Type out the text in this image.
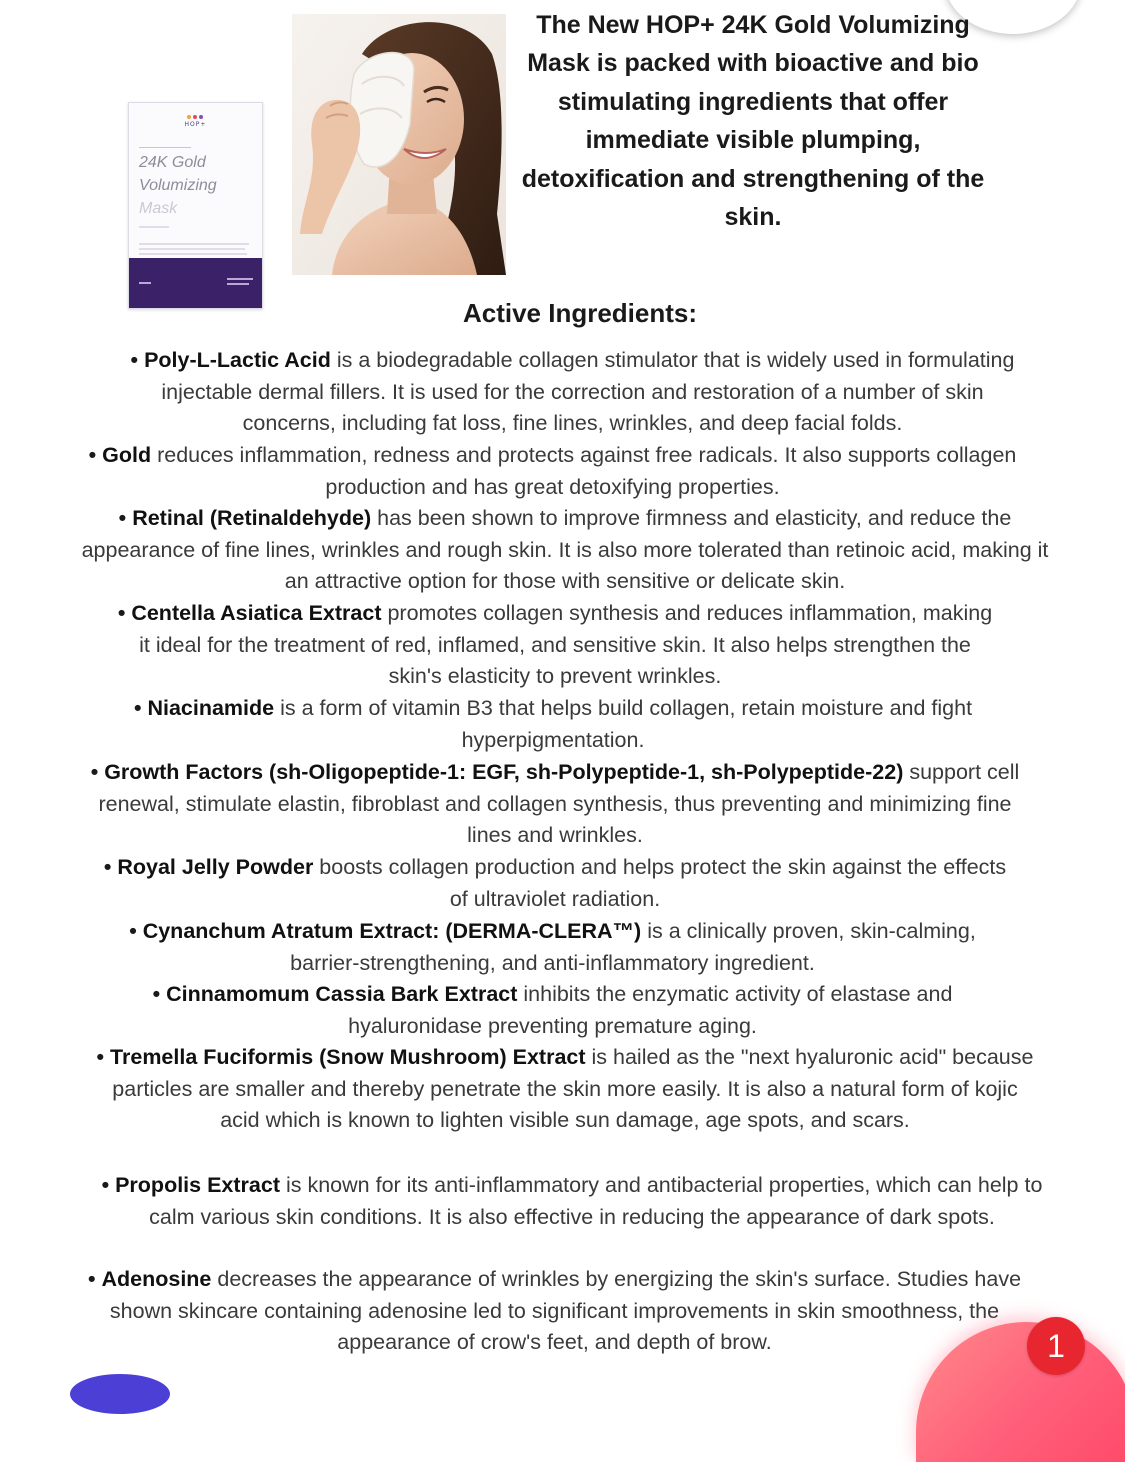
HOP+
24K Gold
Volumizing
Mask

The New HOP+ 24K Gold Volumizing Mask is packed with bioactive and bio stimulating ingredients that offer immediate visible plumping, detoxification and strengthening of the skin.

Active Ingredients:
• Poly-L-Lactic Acid is a biodegradable collagen stimulator that is widely used in formulating injectable dermal fillers. It is used for the correction and restoration of a number of skin concerns, including fat loss, fine lines, wrinkles, and deep facial folds.
• Gold reduces inflammation, redness and protects against free radicals. It also supports collagen production and has great detoxifying properties.
• Retinal (Retinaldehyde) has been shown to improve firmness and elasticity, and reduce the appearance of fine lines, wrinkles and rough skin. It is also more tolerated than retinoic acid, making it an attractive option for those with sensitive or delicate skin.
• Centella Asiatica Extract promotes collagen synthesis and reduces inflammation, making it ideal for the treatment of red, inflamed, and sensitive skin. It also helps strengthen the skin's elasticity to prevent wrinkles.
• Niacinamide is a form of vitamin B3 that helps build collagen, retain moisture and fight hyperpigmentation.
• Growth Factors (sh-Oligopeptide-1: EGF, sh-Polypeptide-1, sh-Polypeptide-22) support cell renewal, stimulate elastin, fibroblast and collagen synthesis, thus preventing and minimizing fine lines and wrinkles.
• Royal Jelly Powder boosts collagen production and helps protect the skin against the effects of ultraviolet radiation.
• Cynanchum Atratum Extract: (DERMA-CLERA™) is a clinically proven, skin-calming, barrier-strengthening, and anti-inflammatory ingredient.
• Cinnamomum Cassia Bark Extract inhibits the enzymatic activity of elastase and hyaluronidase preventing premature aging.
• Tremella Fuciformis (Snow Mushroom) Extract is hailed as the "next hyaluronic acid" because particles are smaller and thereby penetrate the skin more easily. It is also a natural form of kojic acid which is known to lighten visible sun damage, age spots, and scars.
• Propolis Extract is known for its anti-inflammatory and antibacterial properties, which can help to calm various skin conditions. It is also effective in reducing the appearance of dark spots.
• Adenosine decreases the appearance of wrinkles by energizing the skin's surface. Studies have shown skincare containing adenosine led to significant improvements in skin smoothness, the appearance of crow's feet, and depth of brow.	1
